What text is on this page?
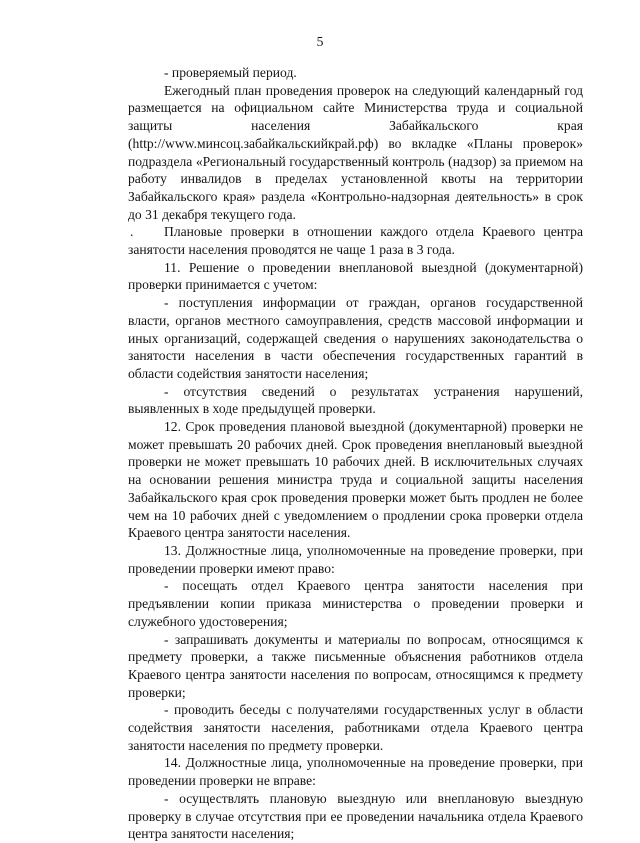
5

- проверяемый период.

Ежегодный план проведения проверок на следующий календарный год размещается на официальном сайте Министерства труда и социальной защиты населения Забайкальского края (http://www.минсоц.забайкальскийкрай.рф) во вкладке «Планы проверок» подраздела «Региональный государственный контроль (надзор) за приемом на работу инвалидов в пределах установленной квоты на территории Забайкальского края» раздела «Контрольно-надзорная деятельность» в срок до 31 декабря текущего года.

. Плановые проверки в отношении каждого отдела Краевого центра занятости населения проводятся не чаще 1 раза в 3 года.

11. Решение о проведении внеплановой выездной (документарной) проверки принимается с учетом:

- поступления информации от граждан, органов государственной власти, органов местного самоуправления, средств массовой информации и иных организаций, содержащей сведения о нарушениях законодательства о занятости населения в части обеспечения государственных гарантий в области содействия занятости населения;

- отсутствия сведений о результатах устранения нарушений, выявленных в ходе предыдущей проверки.

12. Срок проведения плановой выездной (документарной) проверки не может превышать 20 рабочих дней. Срок проведения внеплановый выездной проверки не может превышать 10 рабочих дней. В исключительных случаях на основании решения министра труда и социальной защиты населения Забайкальского края срок проведения проверки может быть продлен не более чем на 10 рабочих дней с уведомлением о продлении срока проверки отдела Краевого центра занятости населения.

13. Должностные лица, уполномоченные на проведение проверки, при проведении проверки имеют право:

- посещать отдел Краевого центра занятости населения при предъявлении копии приказа министерства о проведении проверки и служебного удостоверения;

- запрашивать документы и материалы по вопросам, относящимся к предмету проверки, а также письменные объяснения работников отдела Краевого центра занятости населения по вопросам, относящимся к предмету проверки;

- проводить беседы с получателями государственных услуг в области содействия занятости населения, работниками отдела Краевого центра занятости населения по предмету проверки.

14. Должностные лица, уполномоченные на проведение проверки, при проведении проверки не вправе:

- осуществлять плановую выездную или внеплановую выездную проверку в случае отсутствия при ее проведении начальника отдела Краевого центра занятости населения;
